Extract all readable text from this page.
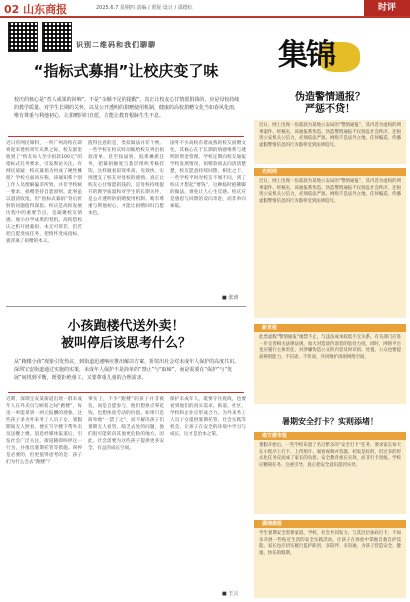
02 山东商报	2025.6.7 星期四 责编 / 贾悦 设计 / 邵德红	时评
识别二维码和我们聊聊
“指标式募捐”让校庆变了味
校庆的核心是“育人成果的回响”，不是“余额不足的提醒”。真正让校友心甘情愿捐钱的，应是母校持续的教学质量、对学生长期的关怀，以及公开透明的捐赠使用机制，健康的高校捐赠文化当如春风化雨，唯有尊重与利他初心，让捐赠回归自愿，方能让教育根脉生生不息。
近日有网民爆料，一所广州高校在即将迎来建校周年庆典之际，校友群里收到了“校友每人至少捐款100元”的指标式任务要求，引发舆论关注。有网民质疑：校庆募捐为何成了硬性摊派？学校方面回应称，该通知系个别工作人员理解偏差所致，并非学校统一要求，捐赠坚持自愿原则。此事虽以澄清收尾，但“指标式募捐”背后折射的问题值得深思。校庆是高校发展历程中的重要节点，是凝聚校友情感、展示办学成果的契机。高校借校庆之机开展募捐，本无可厚非，但若把自愿变成任务，把情怀变成指标，就背离了捐赠的本义。
值得注意的是，类似做法并非个例。一些学校在校庆时动辄给校友列出捐款清单，甚至按届别、院系摊派任务，把募捐额度与基层组织考核挂钩。这样做看似效率高、见效快，实则透支了校友对母校的感情。真正让校友心甘情愿捐钱的，是母校持续提升的教学质量和对学生的长期关怀，是公开透明的捐赠使用机制。唯有尊重与利他初心，才能让捐赠回归自愿本色。
国外不少高校有着成熟的校友捐赠文化，其核心在于长期的情感维系与透明的资金管理。学校定期向校友通报学校发展情况，捐赠款项去向清清楚楚，校友愿意持续回馈。相比之下，一些学校平时对校友不闻不问，到了校庆才想起“要钱”，这种临时抱佛脚的做法，难免让人心生反感。校庆应是感恩与回馈的双向奔赴，而非单向索取。
■ 张涛
小孩跑楼代送外卖！
被叫停后该思考什么？
从“跑楼小孩”现象引发热议，到街道迅速响应推出解决方案，折射出社会对未成年人保护的高度共识。深圳宝安街道通过实施的实策，未成年人保护不是简单的“禁止”与“取缔”，而是需要在“保护”与“发展”间找到平衡，既要拒绝童工，又要尊重儿童的合理需求。
近期，深圳宝安某街道出现一群未成年人在外卖员与顾客之间“跑楼”，每送一单能拿到一两元报酬的现象。这些孩子多为外来务工人员子女，暑假期间无人照看，便在写字楼下帮外卖员送餐上楼。消息经媒体报道后，引发社会广泛关注，街道随即叫停这一行为，并推出暑期托管等措施。叫停是必要的，但更值得思考的是：孩子们为什么会去“跑楼”？
事实上，不少“跑楼”的孩子并非被迫，而是自愿参与，他们想挣点零花钱，也想体验劳动的价值。如果只是简单地“一禁了之”，而不解决孩子们暑期无人看管、缺乏去处的问题，他们很可能转向其他更危险的地方。因此，社会需要为这些孩子提供更多安全、有益的成长空间。
保护未成年人，既要守住底线，也要看到他们的真实需求。街道、社区、学校和企业应形成合力，为外来务工人员子女提供暑期托管、社会实践等机会，让孩子在安全的环境中学习与成长，这才是治本之策。
■ 王言
集锦
伪造警情通报？
严惩不贷！
近日，网上出现一份落款为某地公安局的“警情通报”，其内容为虚构的刑事案件。经核实，该通报系伪造。伪造警情通报不仅扰乱社会秩序，还损害公安机关公信力，必须依法严惩。网络不是法外之地，任何编造、传播虚假警情信息的行为都将受到法律追究。
光明网
近日，网上出现一份落款为某地公安局的“警情通报”，其内容为虚构的刑事案件。经核实，该通报系伪造。伪造警情通报不仅扰乱社会秩序，还损害公安机关公信力，必须依法严惩。网络不是法外之地，任何编造、传播虚假警情信息的行为都将受到法律追究。
新京报
此类虚假“警情通报”屡禁不止，与违法成本较低不无关系。有关部门应进一步完善相关法律法规，加大对造谣传谣者的惩处力度。同时，网络平台也应履行主体责任，对涉嫌伪造公文的内容及时识别、处置。公众也要提高辨别能力，不信谣、不传谣，共同维护清朗网络空间。
暑期安全打卡？实则添堵！
南方都市报
暑假开始后，一些学校布置了名目繁多的“安全打卡”任务，要求家长每天在小程序上打卡、上传照片、观看视频并答题。初衷是好的，但过多的形式化任务反而成了家长的负担。安全教育重在实效，而非打卡留痕。学校应精简任务、注重引导，真正把安全意识落到实处。
潇湘晨报
学生暑期安全需要家庭、学校、社会共同发力。与其层层加码打卡，不如多开展一些贴近生活的安全实践活动，让孩子在体验中掌握自救自护技能。家长也应切实履行监护职责，多陪伴、多沟通，为孩子营造安全、健康、快乐的假期。
